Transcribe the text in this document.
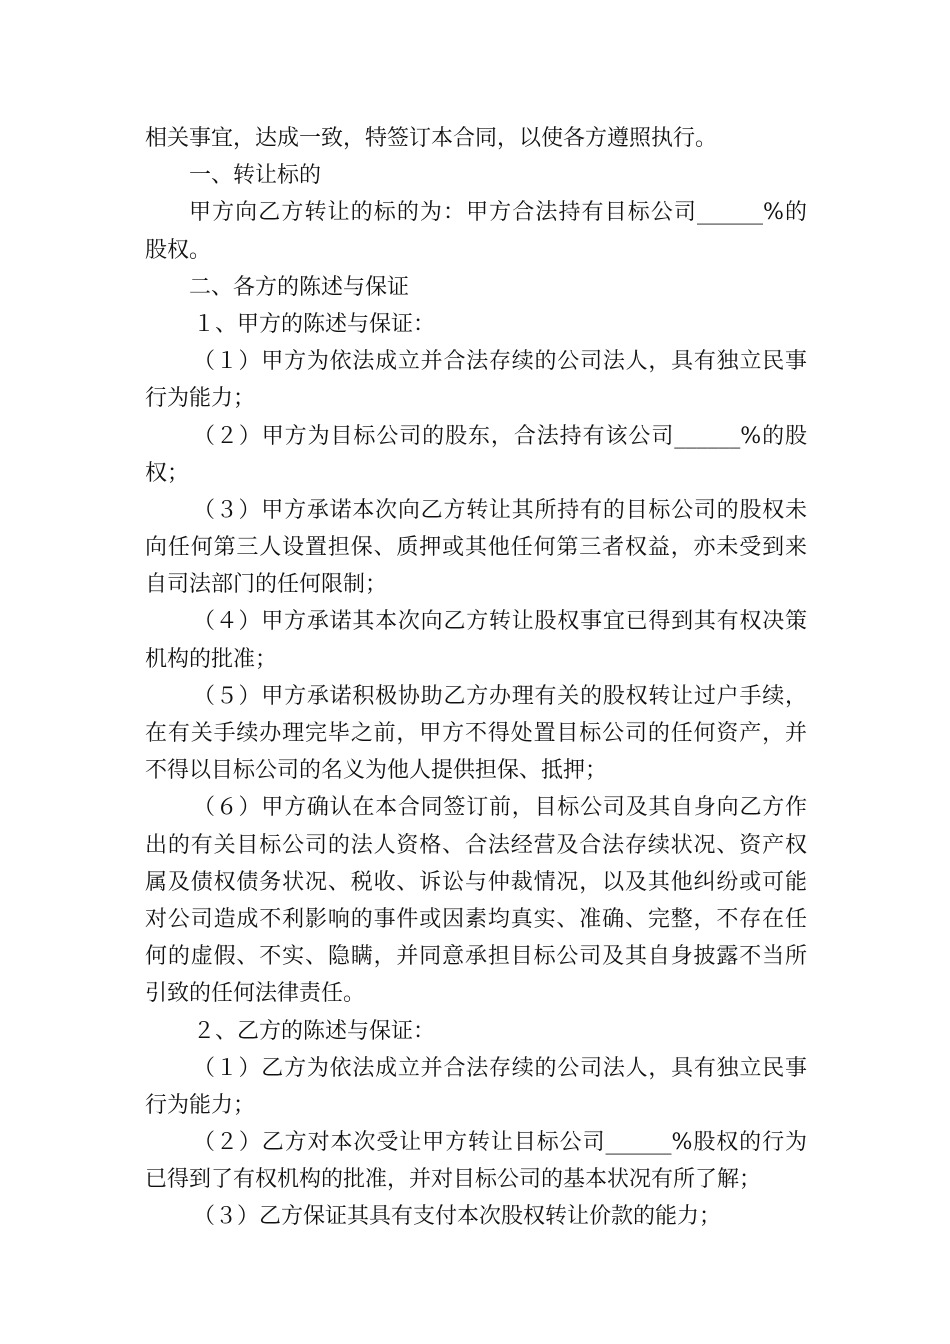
相关事宜，达成一致，特签订本合同，以使各方遵照执行。
一、转让标的
甲方向乙方转让的标的为：甲方合法持有目标公司______%的
股权。
二、各方的陈述与保证
１、甲方的陈述与保证：
（１）甲方为依法成立并合法存续的公司法人，具有独立民事
行为能力；
（２）甲方为目标公司的股东，合法持有该公司______%的股
权；
（３）甲方承诺本次向乙方转让其所持有的目标公司的股权未
向任何第三人设置担保、质押或其他任何第三者权益，亦未受到来
自司法部门的任何限制；
（４）甲方承诺其本次向乙方转让股权事宜已得到其有权决策
机构的批准；
（５）甲方承诺积极协助乙方办理有关的股权转让过户手续，
在有关手续办理完毕之前，甲方不得处置目标公司的任何资产，并
不得以目标公司的名义为他人提供担保、抵押；
（６）甲方确认在本合同签订前，目标公司及其自身向乙方作
出的有关目标公司的法人资格、合法经营及合法存续状况、资产权
属及债权债务状况、税收、诉讼与仲裁情况，以及其他纠纷或可能
对公司造成不利影响的事件或因素均真实、准确、完整，不存在任
何的虚假、不实、隐瞒，并同意承担目标公司及其自身披露不当所
引致的任何法律责任。
２、乙方的陈述与保证：
（１）乙方为依法成立并合法存续的公司法人，具有独立民事
行为能力；
（２）乙方对本次受让甲方转让目标公司______%股权的行为
已得到了有权机构的批准，并对目标公司的基本状况有所了解；
（３）乙方保证其具有支付本次股权转让价款的能力；
